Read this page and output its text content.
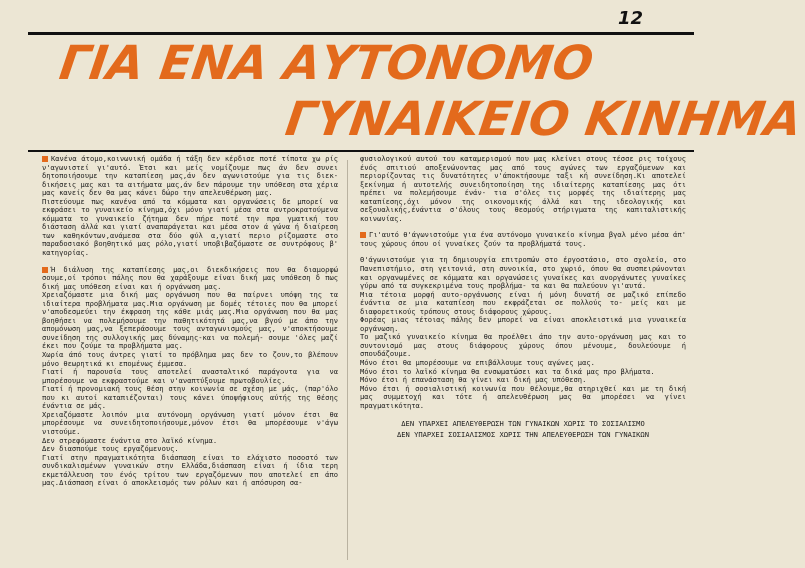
12
ΓΙΑ ΕΝΑ ΑΥΤΟΝΟΜΟ
ΓΥΝΑΙΚΕΙΟ ΚΙΝΗΜΑ

Κανένα άτομο,κοινωνική ομάδα ή τάξη δεν κέρδισε ποτέ τίποτα χω ρίς ν'αγωνιστεί γι'αυτό. Έτσι και μείς νομίζουμε πως άν δεν συνει δητοποιήσουμε την καταπίεση μας,άν δεν αγωνιστούμε για τις διεκ- δικήσεις μας και τα αιτήματα μας,άν δεν πάρουμε την υπόθεση στα χέρια μας κανείς δεν θα μας κάνει δώρο την απελευθέρωση μας.

Πιστεύουμε πως κανένα από τα κόμματα και οργανώσεις δε μπορεί να εκφράσει το γυναικείο κίνημα,όχι μόνο γιατί μέσα στα αντροκρατούμενα κόμματα το γυναικείο ζήτημα δεν πήρε ποτέ την πρα γματική του διάσταση άλλά και γιατί αναπαράγεται και μέσα στον ά γώνα ή διαίρεση των καθηκόντων,ανάμεσα στα δύο φύλ α,γιατί περιο ρίζομαστε στο παραδοσιακό βοηθητικό μας ρόλο,γιατί υποβιβαζόμαστε σε συντρόφους β' κατηγορίας.

Ή διάλυση της καταπίεσης μας,οι διεκδικήσεις που θα διαμορφώ σουμε,οί τρόποι πάλης που θα χαράξουμε είναι δική μας υπόθεση δ πως δική μας υπόθεση είναι και ή οργάνωση μας.

Χρειαζόμαστε μια δική μας οργάνωση που θα παίρνει υπόψη της τα ιδιαίτερα προβλήματα μας.Μια οργάνωση με δομές τέτοιες που θα μπορεί ν'αποδεσμεύει την έκφραση της κάθε μιάς μας.Μια οργάνωση που θα μας βοηθήσει να πολεμήσουμε την παθητικότητά μας,να βγού με άπο την απομόνωση μας,να ξεπεράσουμε τους ανταγωνισμούς μας, ν'αποκτήσουμε συνείδηση της συλλογικής μας δύναμης-και να πολεμή- σουμε 'όλες μαζί έκει που ζούμε τα προβλήματα μας.

Χωρία άπό τους άντρες γιατί το πρόβλημα μας δεν το ζουν,το βλέπουν μόνο θεωρητικά κι επομένως έμμεσα.

Γιατί ή παρουσία τους αποτελεί ανασταλτικό παράγοντα για να μπορέσουμε να εκφραστούμε και ν'αναπτύξουμε πρωτοβουλίες.

Γιατί ή προνομιακή τους θέση στην κοινωνία σε σχέση με μάς, (παρ'όλο που κι αυτοί καταπιέζονται) τους κάνει ύποψήφιους αύτής της θέσης ένάντια σε μάς.

Χρειαζόμαστε λοιπόν μια αυτόνομη οργάνωση γιατί μόνον έτσι θα μπορέσουμε να συνειδητοποιήσουμε,μόνον έτσι θα μπορέσουμε ν'άγω νιστούμε.

Δεν στρεφόμαστε ένάντια στο λαϊκό κίνημα.

Δεν διασπούμε τους εργαζόμενους.

Γιατί στην πραγματικότητα διάσπαση είναι το ελάχιστο ποσοστό των συνδικαλισμένων γυναικών στην Ελλάδα,διάσπαση είναι ή ίδια τερη εκμετάλλευση του ένός τρίτου των εργαζόμενων που αποτελεί επ άπο μας.Διάσπαση είναι ό αποκλεισμός των ρόλων και ή απόσυρση σα-

φυσιολογικού αυτού του καταμερισμού που μας κλείνει στους τέσσε ρις τοίχους ένός σπιτιού αποξενώνοντας μας από τους αγώνες των εργαζόμενων και περιορίζοντας τις δυνατότητες ν'άποκτήσουμε ταξι κή συνείδηση.Κι αποτελεί ξεκίνημα ή αυτοτελής συνειδητοποίηση της ιδιαίτερης καταπίεσης μας ότι πρέπει να πολεμήσουμε ένάν- τια σ'όλες τις μορφές της ιδιαίτερης μας καταπίεσης,όχι μόνον της οικονομικής άλλά και της ιδεολογικής και σεξουαλικής,ένάντια σ'όλους τους θεσμούς στήριγματα της καπιταλιστικής κοινωνίας.

Γι'αυτό θ'άγωνιστούμε για ένα αυτόνομο γυναικείο κίνημα βγαλ μένο μέσα άπ' τους χώρους όπου οί γυναίκες ζούν τα προβλήματά τους.

Θ'άγωνιστούμε για τη δημιουργία επιτροπών στο έργοστάσιο, στο σχολείο, στο Πανεπιστήμιο, στη γειτονιά, στη συνοικία, στο χωριό, όπου θα συσπειρώνονται και οργανωμένες σε κόμματα και οργανώσεις γυναίκες και ανοργάνωτες γυναίκες γύρω από τα συγκεκριμένα τους προβλήμα- τα και θα παλεύουν γι'αυτά.

Μια τέτοια μορφή αυτο-οργάνωσης είναι ή μόνη δυνατή σε μαζικό επίπεδο ένάντια σε μια καταπίεση που εκφράζεται σε πολλούς το- μείς και με διαφορετικούς τρόπους στους διάφορους χώρους.

Φορέας μιας τέτοιας πάλης δεν μπορεί να είναι αποκλειστικά μια γυναικεία οργάνωση.

Το μαζικό γυναικείο κίνημα θα προέλθει άπο την αυτο-οργάνωση μας και το συντονισμό μας στους διάφορους χώρους όπου μένουμε, δουλεύουμε ή σπουδάζουμε.

Μόνο έτσι θα μπορέσουμε να επιβάλλουμε τους αγώνες μας.

Μόνο έτσι το λαϊκό κίνημα θα ενσωματώσει και τα δικά μας προ βλήματα.

Μόνο έτσι ή επανάσταση θα γίνει και δική μας υπόθεση.

Μόνο έτσι ή σοσιαλιστική κοινωνία που θέλουμε,θα στηριχθεί και με τη δική μας συμμετοχή και τότε ή απελευθέρωση μας θα μπορέσει να γίνει πραγματικότητα.

ΔΕΝ ΥΠΑΡΧΕΙ ΑΠΕΛΕΥΘΕΡΩΣΗ ΤΩΝ ΓΥΝΑΙΚΩΝ ΧΩΡΙΣ ΤΟ ΣΟΣΙΑΛΙΣΜΟ

ΔΕΝ ΥΠΑΡΧΕΙ ΣΟΣΙΑΛΙΣΜΟΣ ΧΩΡΙΣ ΤΗΝ ΑΠΕΛΕΥΘΕΡΩΣΗ ΤΩΝ ΓΥΝΑΙΚΩΝ
